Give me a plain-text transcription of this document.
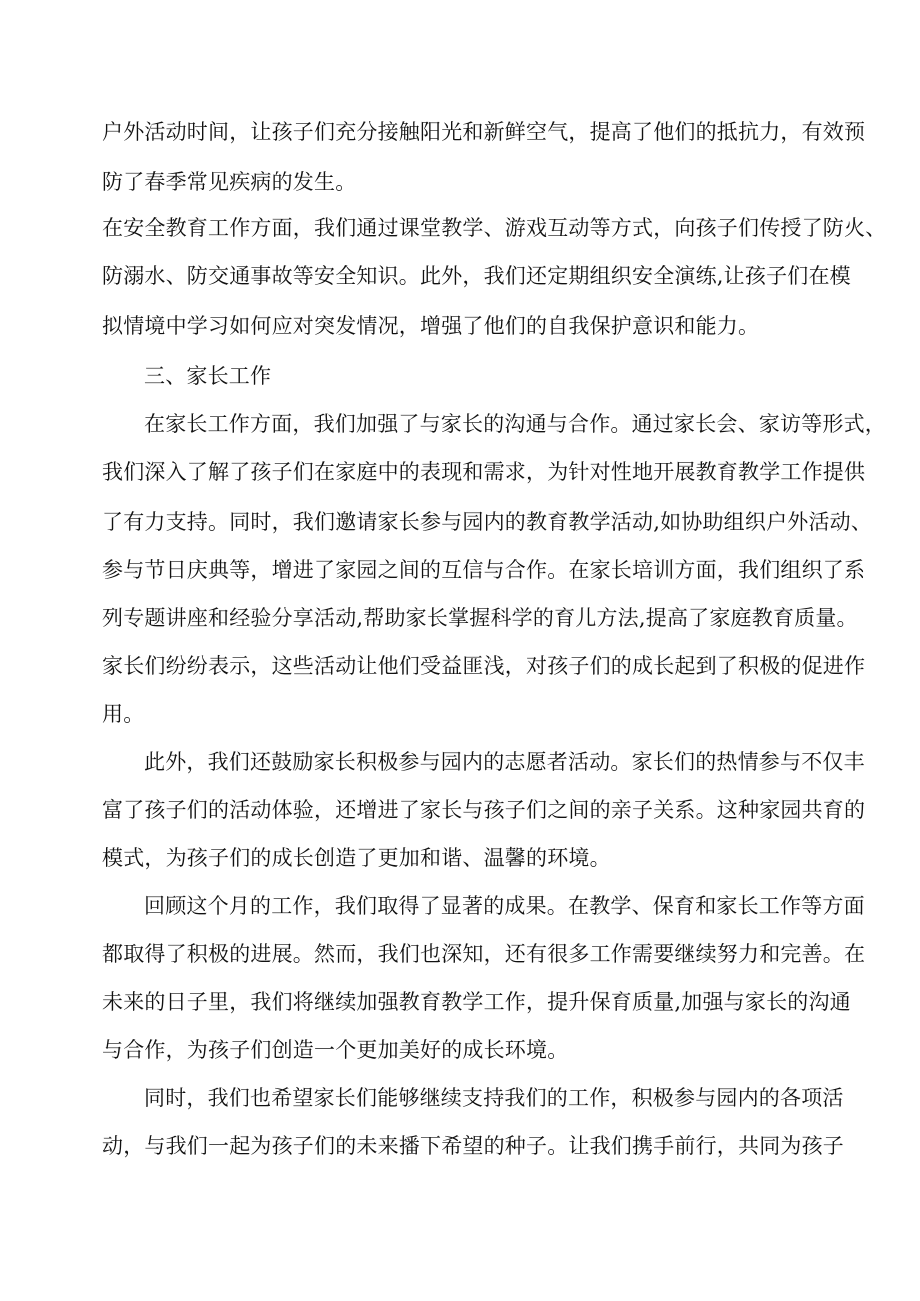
户外活动时间，让孩子们充分接触阳光和新鲜空气，提高了他们的抵抗力，有效预
防了春季常见疾病的发生。
在安全教育工作方面，我们通过课堂教学、游戏互动等方式，向孩子们传授了防火、
防溺水、防交通事故等安全知识。此外，我们还定期组织安全演练,让孩子们在模
拟情境中学习如何应对突发情况，增强了他们的自我保护意识和能力。
三、家长工作
在家长工作方面，我们加强了与家长的沟通与合作。通过家长会、家访等形式，
我们深入了解了孩子们在家庭中的表现和需求，为针对性地开展教育教学工作提供
了有力支持。同时，我们邀请家长参与园内的教育教学活动,如协助组织户外活动、
参与节日庆典等，增进了家园之间的互信与合作。在家长培训方面，我们组织了系
列专题讲座和经验分享活动,帮助家长掌握科学的育儿方法,提高了家庭教育质量。
家长们纷纷表示，这些活动让他们受益匪浅，对孩子们的成长起到了积极的促进作
用。
此外，我们还鼓励家长积极参与园内的志愿者活动。家长们的热情参与不仅丰
富了孩子们的活动体验，还增进了家长与孩子们之间的亲子关系。这种家园共育的
模式，为孩子们的成长创造了更加和谐、温馨的环境。
回顾这个月的工作，我们取得了显著的成果。在教学、保育和家长工作等方面
都取得了积极的进展。然而，我们也深知，还有很多工作需要继续努力和完善。在
未来的日子里，我们将继续加强教育教学工作，提升保育质量,加强与家长的沟通
与合作，为孩子们创造一个更加美好的成长环境。
同时，我们也希望家长们能够继续支持我们的工作，积极参与园内的各项活
动，与我们一起为孩子们的未来播下希望的种子。让我们携手前行，共同为孩子
